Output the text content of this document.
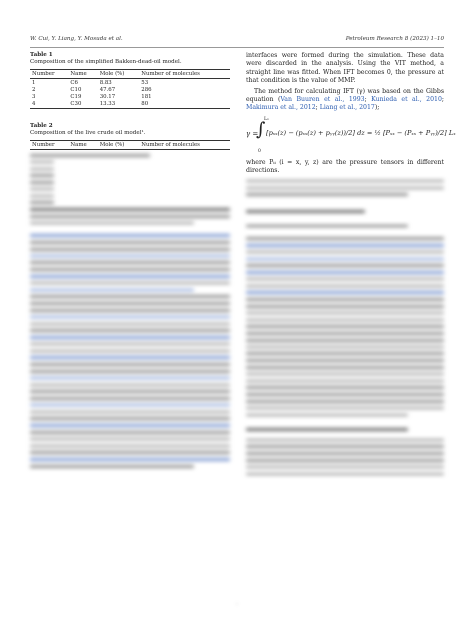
W. Cui, Y. Liang, Y. Mosuda et al.	Petroleum Research 8 (2023) 1–10
Table 1
Composition of the simplified Bakken-dead-oil model.
Number	Name	Mole (%)	Number of molecules
1	C6	8.83	53
2	C10	47.67	286
3	C19	30.17	181
4	C30	13.33	80
Table 2
Composition of the live crude oil model¹.
Number	Name	Mole (%)	Number of molecules
interfaces were formed during the simulation. These data were discarded in the analysis. Using the VIT method, a straight line was fitted. When IFT becomes 0, the pressure at that condition is the value of MMP.
The method for calculating IFT (γ) was based on the Gibbs equation (Van Buuren et al., 1993; Kunieda et al., 2010; Makimura et al., 2012; Liang et al., 2017);
γ =
Lₓ
∫
0
[pₓₓ(z) − (pₓₓ(z) + pᵧᵧ(z))/2] dz = ½ [Pₓₓ − (Pₓₓ + Pᵧᵧ)/2] Lₓ
where Pᵢᵢ (i = x, y, z) are the pressure tensors in different directions.
·
